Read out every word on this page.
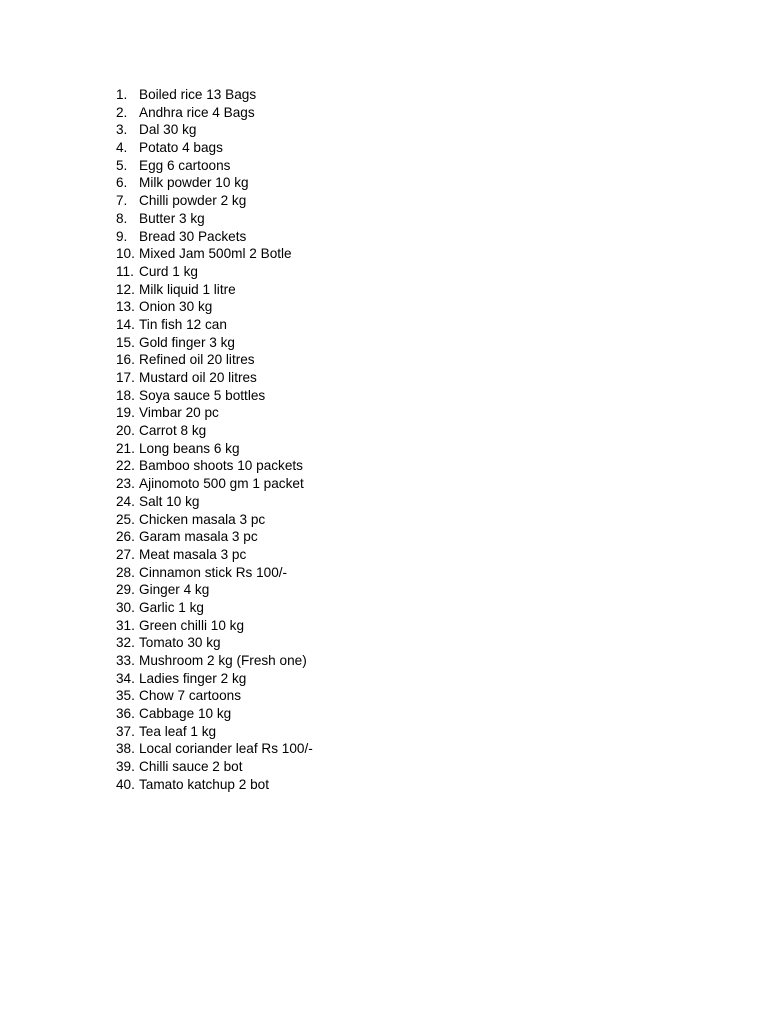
1. Boiled rice 13 Bags
2. Andhra rice 4 Bags
3. Dal 30 kg
4. Potato 4 bags
5. Egg 6 cartoons
6. Milk powder 10 kg
7. Chilli powder 2 kg
8. Butter 3 kg
9. Bread 30 Packets
10. Mixed Jam 500ml 2 Botle
11. Curd 1 kg
12. Milk liquid 1 litre
13. Onion 30 kg
14. Tin fish 12 can
15. Gold finger 3 kg
16. Refined oil 20 litres
17. Mustard oil 20 litres
18. Soya sauce 5 bottles
19. Vimbar 20 pc
20. Carrot 8 kg
21. Long beans 6 kg
22. Bamboo shoots 10 packets
23. Ajinomoto 500 gm 1 packet
24. Salt 10 kg
25. Chicken masala 3 pc
26. Garam masala 3 pc
27. Meat masala 3 pc
28. Cinnamon stick Rs 100/-
29. Ginger 4 kg
30. Garlic 1 kg
31. Green chilli 10 kg
32. Tomato 30 kg
33. Mushroom 2 kg (Fresh one)
34. Ladies finger 2 kg
35. Chow 7 cartoons
36. Cabbage 10 kg
37. Tea leaf 1 kg
38. Local coriander leaf Rs 100/-
39. Chilli sauce 2 bot
40. Tamato katchup 2 bot
